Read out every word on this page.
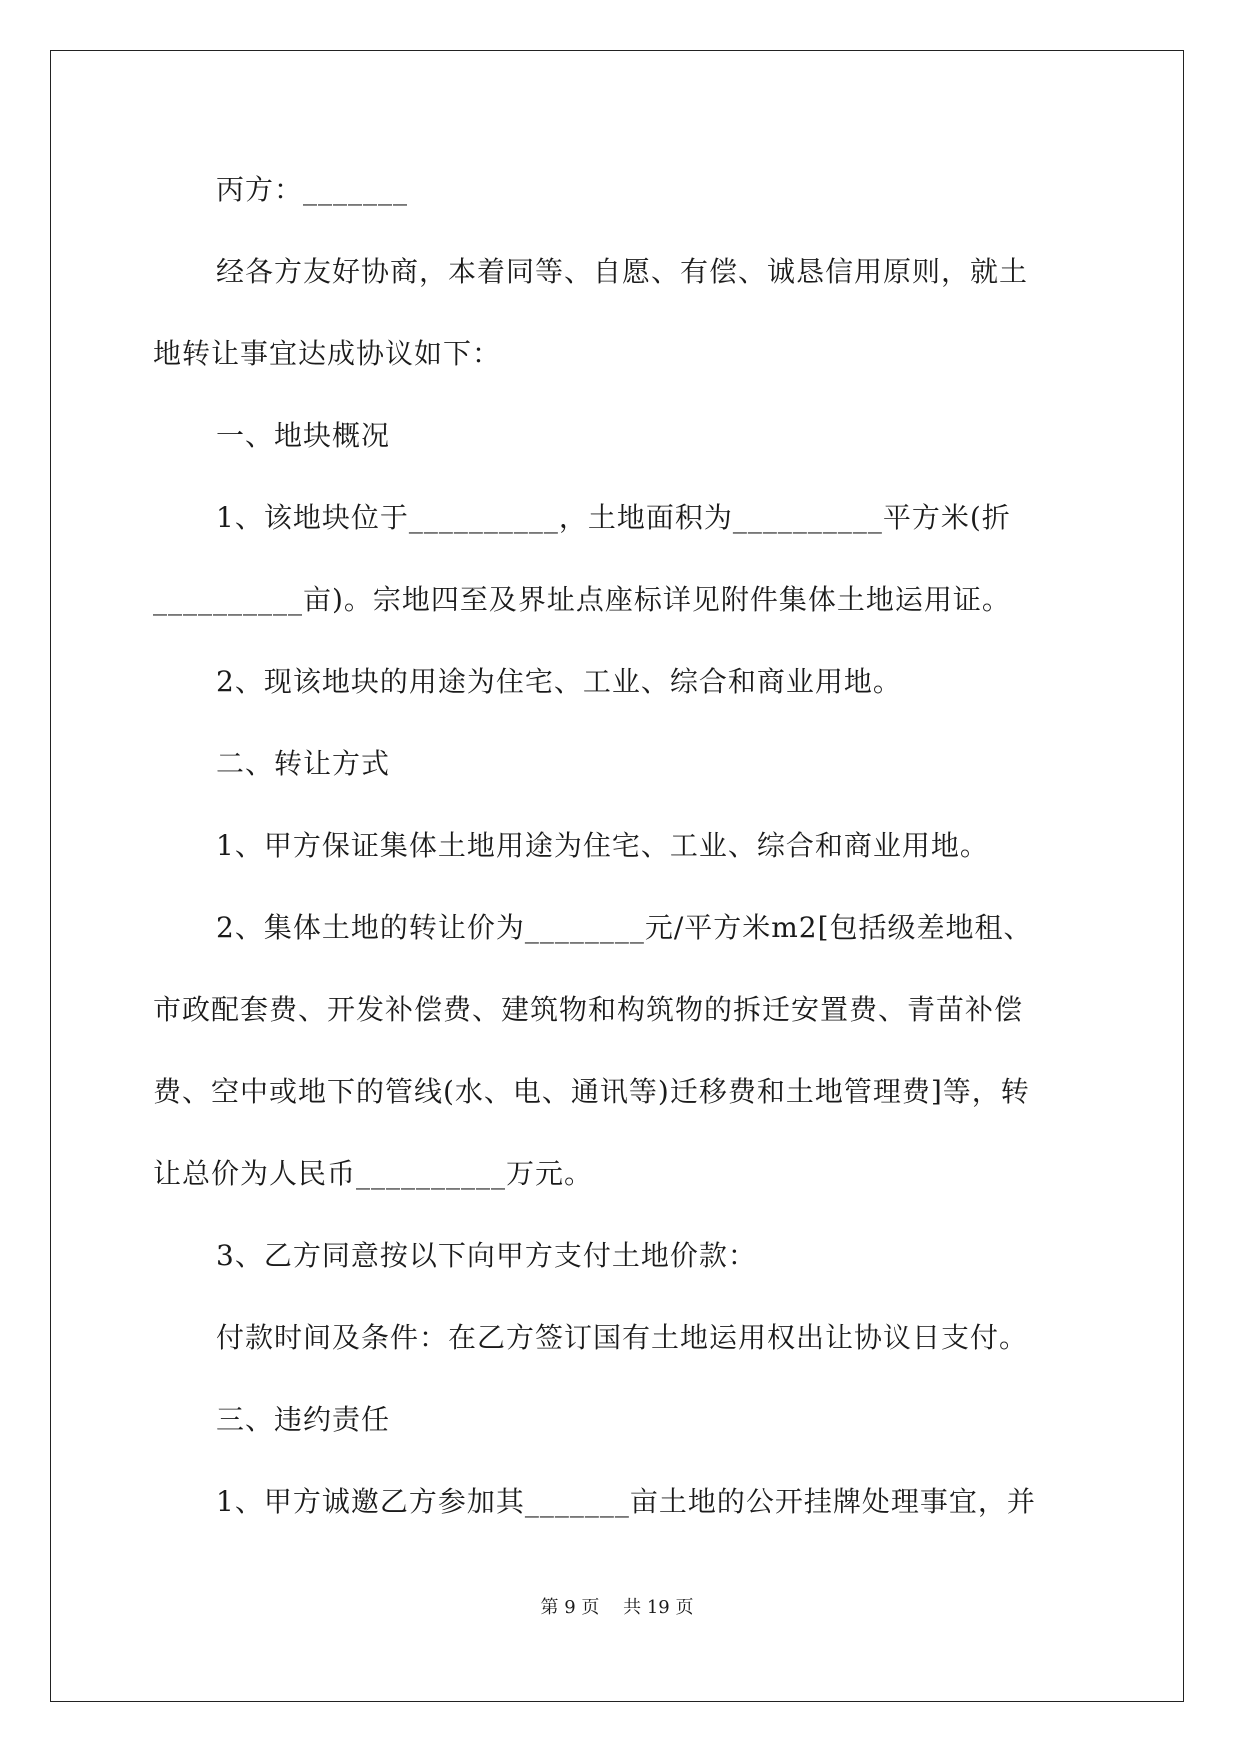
丙方：_______
经各方友好协商，本着同等、自愿、有偿、诚恳信用原则，就土
地转让事宜达成协议如下：
一、地块概况
1、该地块位于__________，土地面积为__________平方米(折
__________亩)。宗地四至及界址点座标详见附件集体土地运用证。
2、现该地块的用途为住宅、工业、综合和商业用地。
二、转让方式
1、甲方保证集体土地用途为住宅、工业、综合和商业用地。
2、集体土地的转让价为________元/平方米m2[包括级差地租、
市政配套费、开发补偿费、建筑物和构筑物的拆迁安置费、青苗补偿
费、空中或地下的管线(水、电、通讯等)迁移费和土地管理费]等，转
让总价为人民币__________万元。
3、乙方同意按以下向甲方支付土地价款：
付款时间及条件：在乙方签订国有土地运用权出让协议日支付。
三、违约责任
1、甲方诚邀乙方参加其_______亩土地的公开挂牌处理事宜，并
第 9 页　 共 19 页
